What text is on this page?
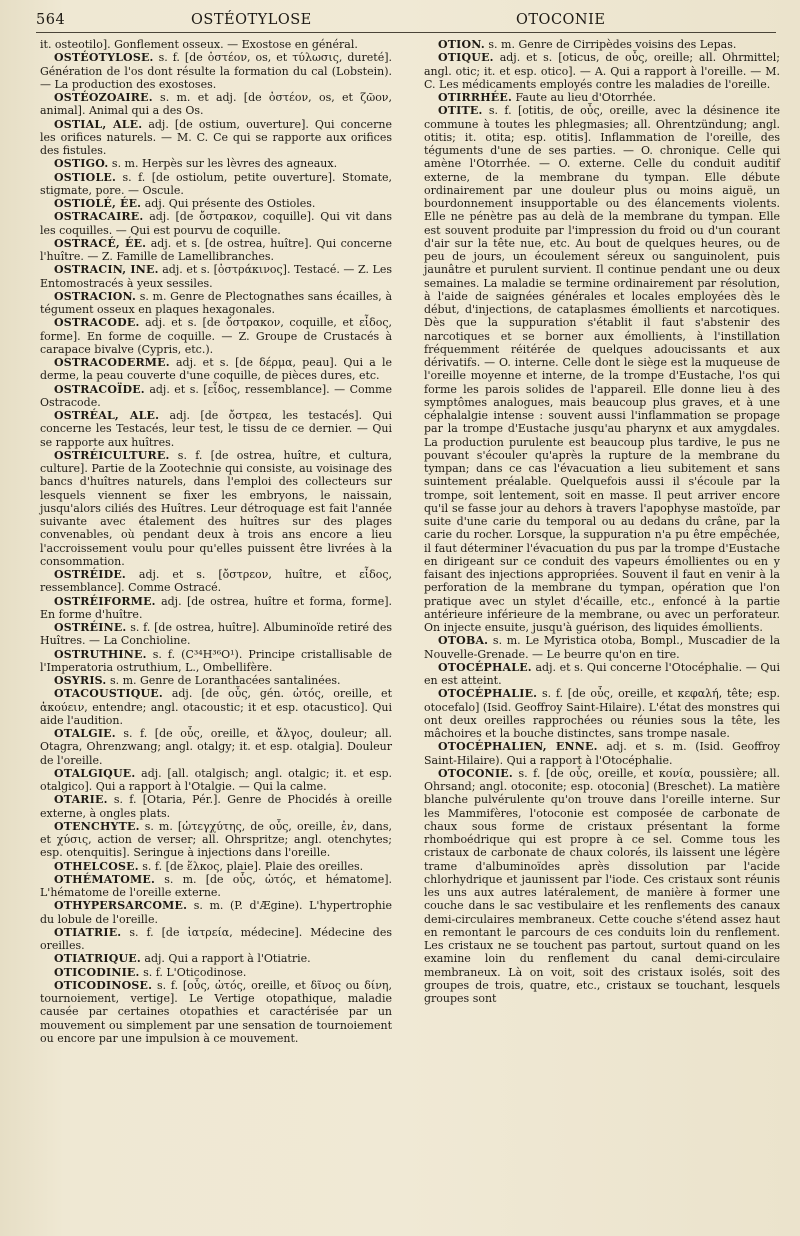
564	OSTÉOTYLOSE	OTOCONIE

it. osteotilo]. Gonflement osseux. — Exostose en général.

OSTÉOTYLOSE. s. f. [de ὀστέον, os, et τύλωσις, dureté]. Génération de l'os dont résulte la formation du cal (Lobstein). — La production des exostoses.

OSTÉOZOAIRE. s. m. et adj. [de ὀστέον, os, et ζῶον, animal]. Animal qui a des Os.

OSTIAL, ALE. adj. [de ostium, ouverture]. Qui concerne les orifices naturels. — M. C. Ce qui se rapporte aux orifices des fistules.

OSTIGO. s. m. Herpès sur les lèvres des agneaux.

OSTIOLE. s. f. [de ostiolum, petite ouverture]. Stomate, stigmate, pore. — Oscule.

OSTIOLÉ, ÉE. adj. Qui présente des Ostioles.

OSTRACAIRE. adj. [de ὄστρακον, coquille]. Qui vit dans les coquilles. — Qui est pourvu de coquille.

OSTRACÉ, ÉE. adj. et s. [de ostrea, huître]. Qui concerne l'huître. — Z. Famille de Lamellibranches.

OSTRACIN, INE. adj. et s. [ὀστράκινος]. Testacé. — Z. Les Entomostracés à yeux sessiles.

OSTRACION. s. m. Genre de Plectognathes sans écailles, à tégument osseux en plaques hexagonales.

OSTRACODE. adj. et s. [de ὄστρακον, coquille, et εἶδος, forme]. En forme de coquille. — Z. Groupe de Crustacés à carapace bivalve (Cypris, etc.).

OSTRACODERME. adj. et s. [de δέρμα, peau]. Qui a le derme, la peau couverte d'une coquille, de pièces dures, etc.

OSTRACOÏDE. adj. et s. [εἶδος, ressemblance]. — Comme Ostracode.

OSTRÉAL, ALE. adj. [de ὄστρεα, les testacés]. Qui concerne les Testacés, leur test, le tissu de ce dernier. — Qui se rapporte aux huîtres.

OSTRÉICULTURE. s. f. [de ostrea, huître, et cultura, culture]. Partie de la Zootechnie qui consiste, au voisinage des bancs d'huîtres naturels, dans l'emploi des collecteurs sur lesquels viennent se fixer les embryons, le naissain, jusqu'alors ciliés des Huîtres. Leur détroquage est fait l'année suivante avec étalement des huîtres sur des plages convenables, où pendant deux à trois ans encore a lieu l'accroissement voulu pour qu'elles puissent être livrées à la consommation.

OSTRÉIDE. adj. et s. [ὄστρεον, huître, et εἶδος, ressemblance]. Comme Ostracé.

OSTRÉIFORME. adj. [de ostrea, huître et forma, forme]. En forme d'huître.

OSTRÉINE. s. f. [de ostrea, huître]. Albuminoïde retiré des Huîtres. — La Conchioline.

OSTRUTHINE. s. f. (C³⁴H³⁶O¹). Principe cristallisable de l'Imperatoria ostruthium, L., Ombellifère.

OSYRIS. s. m. Genre de Loranthacées santalinées.

OTACOUSTIQUE. adj. [de οὖς, gén. ὠτός, oreille, et ἀκούειν, entendre; angl. otacoustic; it et esp. otacustico]. Qui aide l'audition.

OTALGIE. s. f. [de οὖς, oreille, et ἄλγος, douleur; all. Otagra, Ohrenzwang; angl. otalgy; it. et esp. otalgia]. Douleur de l'oreille.

OTALGIQUE. adj. [all. otalgisch; angl. otalgic; it. et esp. otalgico]. Qui a rapport à l'Otalgie. — Qui la calme.

OTARIE. s. f. [Otaria, Pér.]. Genre de Phocidés à oreille externe, à ongles plats.

OTENCHYTE. s. m. [ὠτεγχύτης, de οὖς, oreille, ἐν, dans, et χύσις, action de verser; all. Ohrspritze; angl. otenchytes; esp. otenquitis]. Seringue à injections dans l'oreille.

OTHELCOSE. s. f. [de ἕλκος, plaie]. Plaie des oreilles.

OTHÉMATOME. s. m. [de οὖς, ὠτός, et hématome]. L'hématome de l'oreille externe.

OTHYPERSARCOME. s. m. (P. d'Ægine). L'hypertrophie du lobule de l'oreille.

OTIATRIE. s. f. [de ἰατρεία, médecine]. Médecine des oreilles.

OTIATRIQUE. adj. Qui a rapport à l'Otiatrie.

OTICODINIE. s. f. L'Oticodinose.

OTICODINOSE. s. f. [οὖς, ὠτός, oreille, et δῖνος ou δίνη, tournoiement, vertige]. Le Vertige otopathique, maladie causée par certaines otopathies et caractérisée par un mouvement ou simplement par une sensation de tournoiement ou encore par une impulsion à ce mouvement.

OTION. s. m. Genre de Cirripèdes voisins des Lepas.

OTIQUE. adj. et s. [oticus, de οὖς, oreille; all. Ohrmittel; angl. otic; it. et esp. otico]. — A. Qui a rapport à l'oreille. — M. C. Les médicaments employés contre les maladies de l'oreille.

OTIRRHÉE. Faute au lieu d'Otorrhée.

OTITE. s. f. [otitis, de οὖς, oreille, avec la désinence ite commune à toutes les phlegmasies; all. Ohrentzündung; angl. otitis; it. otita; esp. otitis]. Inflammation de l'oreille, des téguments d'une de ses parties. — O. chronique. Celle qui amène l'Otorrhée. — O. externe. Celle du conduit auditif externe, de la membrane du tympan. Elle débute ordinairement par une douleur plus ou moins aiguë, un bourdonnement insupportable ou des élancements violents. Elle ne pénètre pas au delà de la membrane du tympan. Elle est souvent produite par l'impression du froid ou d'un courant d'air sur la tête nue, etc. Au bout de quelques heures, ou de peu de jours, un écoulement séreux ou sanguinolent, puis jaunâtre et purulent survient. Il continue pendant une ou deux semaines. La maladie se termine ordinairement par résolution, à l'aide de saignées générales et locales employées dès le début, d'injections, de cataplasmes émollients et narcotiques. Dès que la suppuration s'établit il faut s'abstenir des narcotiques et se borner aux émollients, à l'instillation fréquemment réitérée de quelques adoucissants et aux dérivatifs. — O. interne. Celle dont le siège est la muqueuse de l'oreille moyenne et interne, de la trompe d'Eustache, l'os qui forme les parois solides de l'appareil. Elle donne lieu à des symptômes analogues, mais beaucoup plus graves, et à une céphalalgie intense : souvent aussi l'inflammation se propage par la trompe d'Eustache jusqu'au pharynx et aux amygdales. La production purulente est beaucoup plus tardive, le pus ne pouvant s'écouler qu'après la rupture de la membrane du tympan; dans ce cas l'évacuation a lieu subitement et sans suintement préalable. Quelquefois aussi il s'écoule par la trompe, soit lentement, soit en masse. Il peut arriver encore qu'il se fasse jour au dehors à travers l'apophyse mastoïde, par suite d'une carie du temporal ou au dedans du crâne, par la carie du rocher. Lorsque, la suppuration n'a pu être empêchée, il faut déterminer l'évacuation du pus par la trompe d'Eustache en dirigeant sur ce conduit des vapeurs émollientes ou en y faisant des injections appropriées. Souvent il faut en venir à la perforation de la membrane du tympan, opération que l'on pratique avec un stylet d'écaille, etc., enfoncé à la partie antérieure inférieure de la membrane, ou avec un perforateur. On injecte ensuite, jusqu'à guérison, des liquides émollients.

OTOBA. s. m. Le Myristica otoba, Bompl., Muscadier de la Nouvelle-Grenade. — Le beurre qu'on en tire.

OTOCÉPHALE. adj. et s. Qui concerne l'Otocéphalie. — Qui en est atteint.

OTOCÉPHALIE. s. f. [de οὖς, oreille, et κεφαλή, tête; esp. otocefalo] (Isid. Geoffroy Saint-Hilaire). L'état des monstres qui ont deux oreilles rapprochées ou réunies sous la tête, les mâchoires et la bouche distinctes, sans trompe nasale.

OTOCÉPHALIEN, ENNE. adj. et s. m. (Isid. Geoffroy Saint-Hilaire). Qui a rapport à l'Otocéphalie.

OTOCONIE. s. f. [de οὖς, oreille, et κονία, poussière; all. Ohrsand; angl. otoconite; esp. otoconia] (Breschet). La matière blanche pulvérulente qu'on trouve dans l'oreille interne. Sur les Mammifères, l'otoconie est composée de carbonate de chaux sous forme de cristaux présentant la forme rhomboédrique qui est propre à ce sel. Comme tous les cristaux de carbonate de chaux colorés, ils laissent une légère trame d'albuminoïdes après dissolution par l'acide chlorhydrique et jaunissent par l'iode. Ces cristaux sont réunis les uns aux autres latéralement, de manière à former une couche dans le sac vestibulaire et les renflements des canaux demi-circulaires membraneux. Cette couche s'étend assez haut en remontant le parcours de ces conduits loin du renflement. Les cristaux ne se touchent pas partout, surtout quand on les examine loin du renflement du canal demi-circulaire membraneux. Là on voit, soit des cristaux isolés, soit des groupes de trois, quatre, etc., cristaux se touchant, lesquels groupes sont
